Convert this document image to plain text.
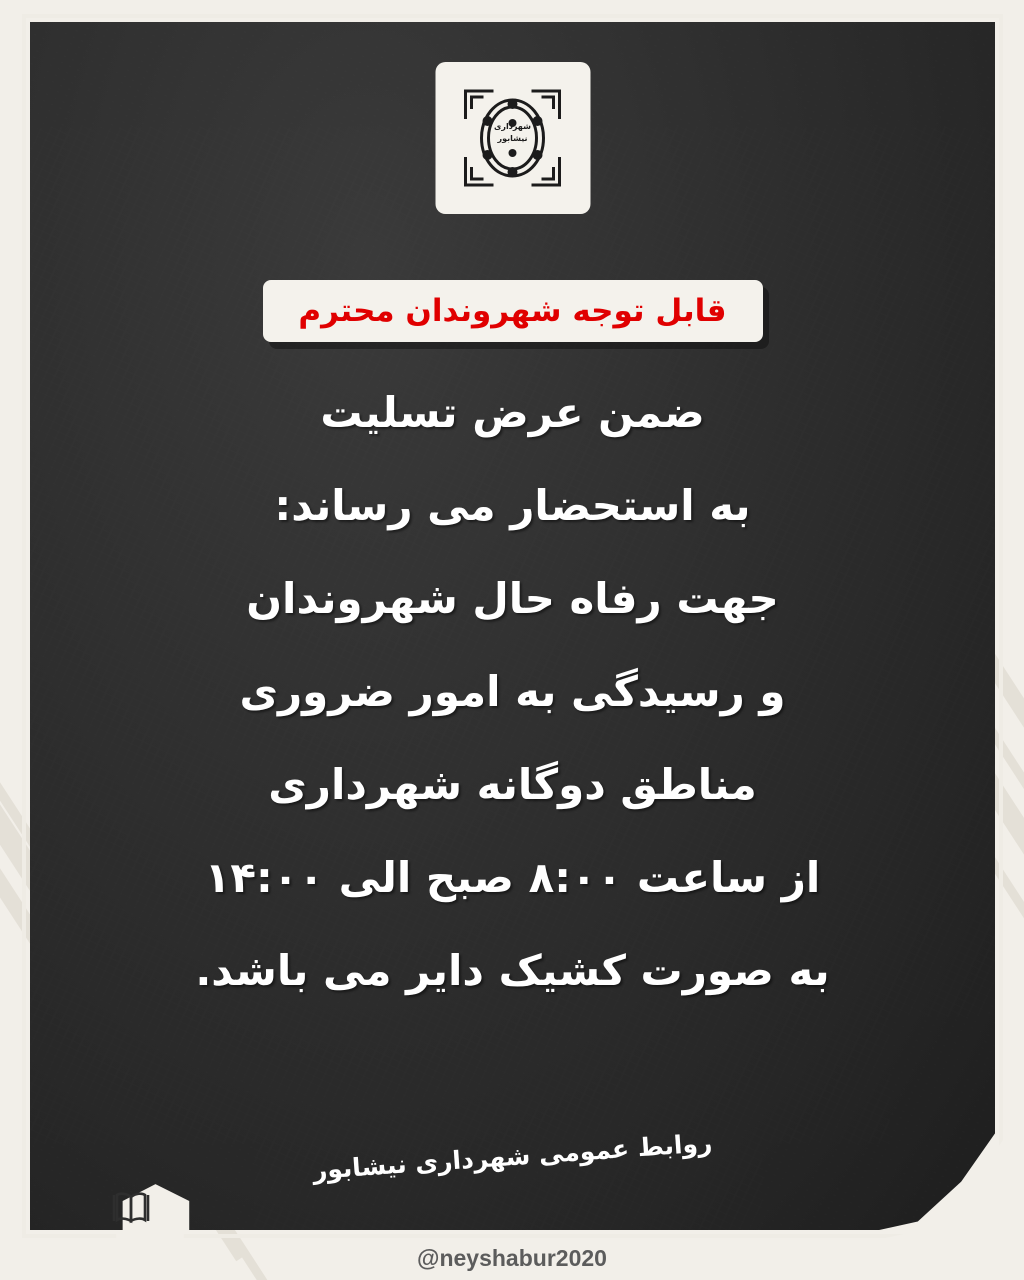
شهرداری
نیشابور
قابل توجه شهروندان محترم
ضمن عرض تسلیت
به استحضار می رساند:
جهت رفاه حال شهروندان
و رسیدگی به امور ضروری
مناطق دوگانه شهرداری
از ساعت ۸:۰۰ صبح الی ۱۴:۰۰
به صورت کشیک دایر می باشد.
روابط عمومی شهرداری نیشابور
@neyshabur2020
